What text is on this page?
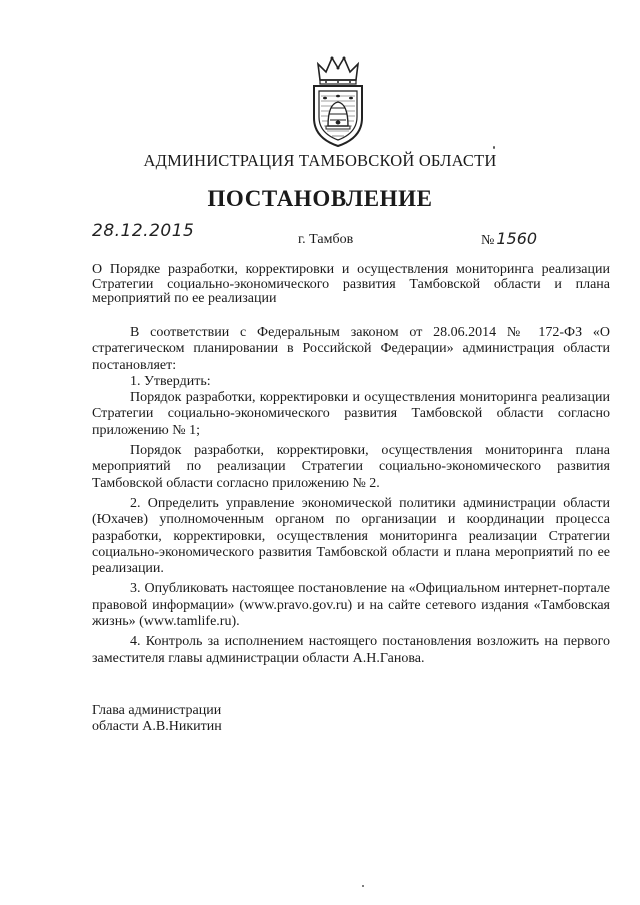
АДМИНИСТРАЦИЯ ТАМБОВСКОЙ ОБЛАСТИ
ПОСТАНОВЛЕНИЕ
28.12.2015	г. Тамбов	№ 1560
О Порядке разработки, корректировки и осуществления мониторинга реализации Стратегии социально-экономического развития Тамбовской области и плана мероприятий по ее реализации

В соответствии с Федеральным законом от 28.06.2014 № 172-ФЗ «О стратегическом планировании в Российской Федерации» администрация области постановляет:

1. Утвердить:

Порядок разработки, корректировки и осуществления мониторинга реализации Стратегии социально-экономического развития Тамбовской области согласно приложению № 1;

Порядок разработки, корректировки, осуществления мониторинга плана мероприятий по реализации Стратегии социально-экономического развития Тамбовской области согласно приложению № 2.

2. Определить управление экономической политики администрации области (Юхачев) уполномоченным органом по организации и координации процесса разработки, корректировки, осуществления мониторинга реализации Стратегии социально-экономического развития Тамбовской области и плана мероприятий по ее реализации.

3. Опубликовать настоящее постановление на «Официальном интернет-портале правовой информации» (www.pravo.gov.ru) и на сайте сетевого издания «Тамбовская жизнь» (www.tamlife.ru).

4. Контроль за исполнением настоящего постановления возложить на первого заместителя главы администрации области А.Н.Ганова.

Глава администрации
области А.В.Никитин
